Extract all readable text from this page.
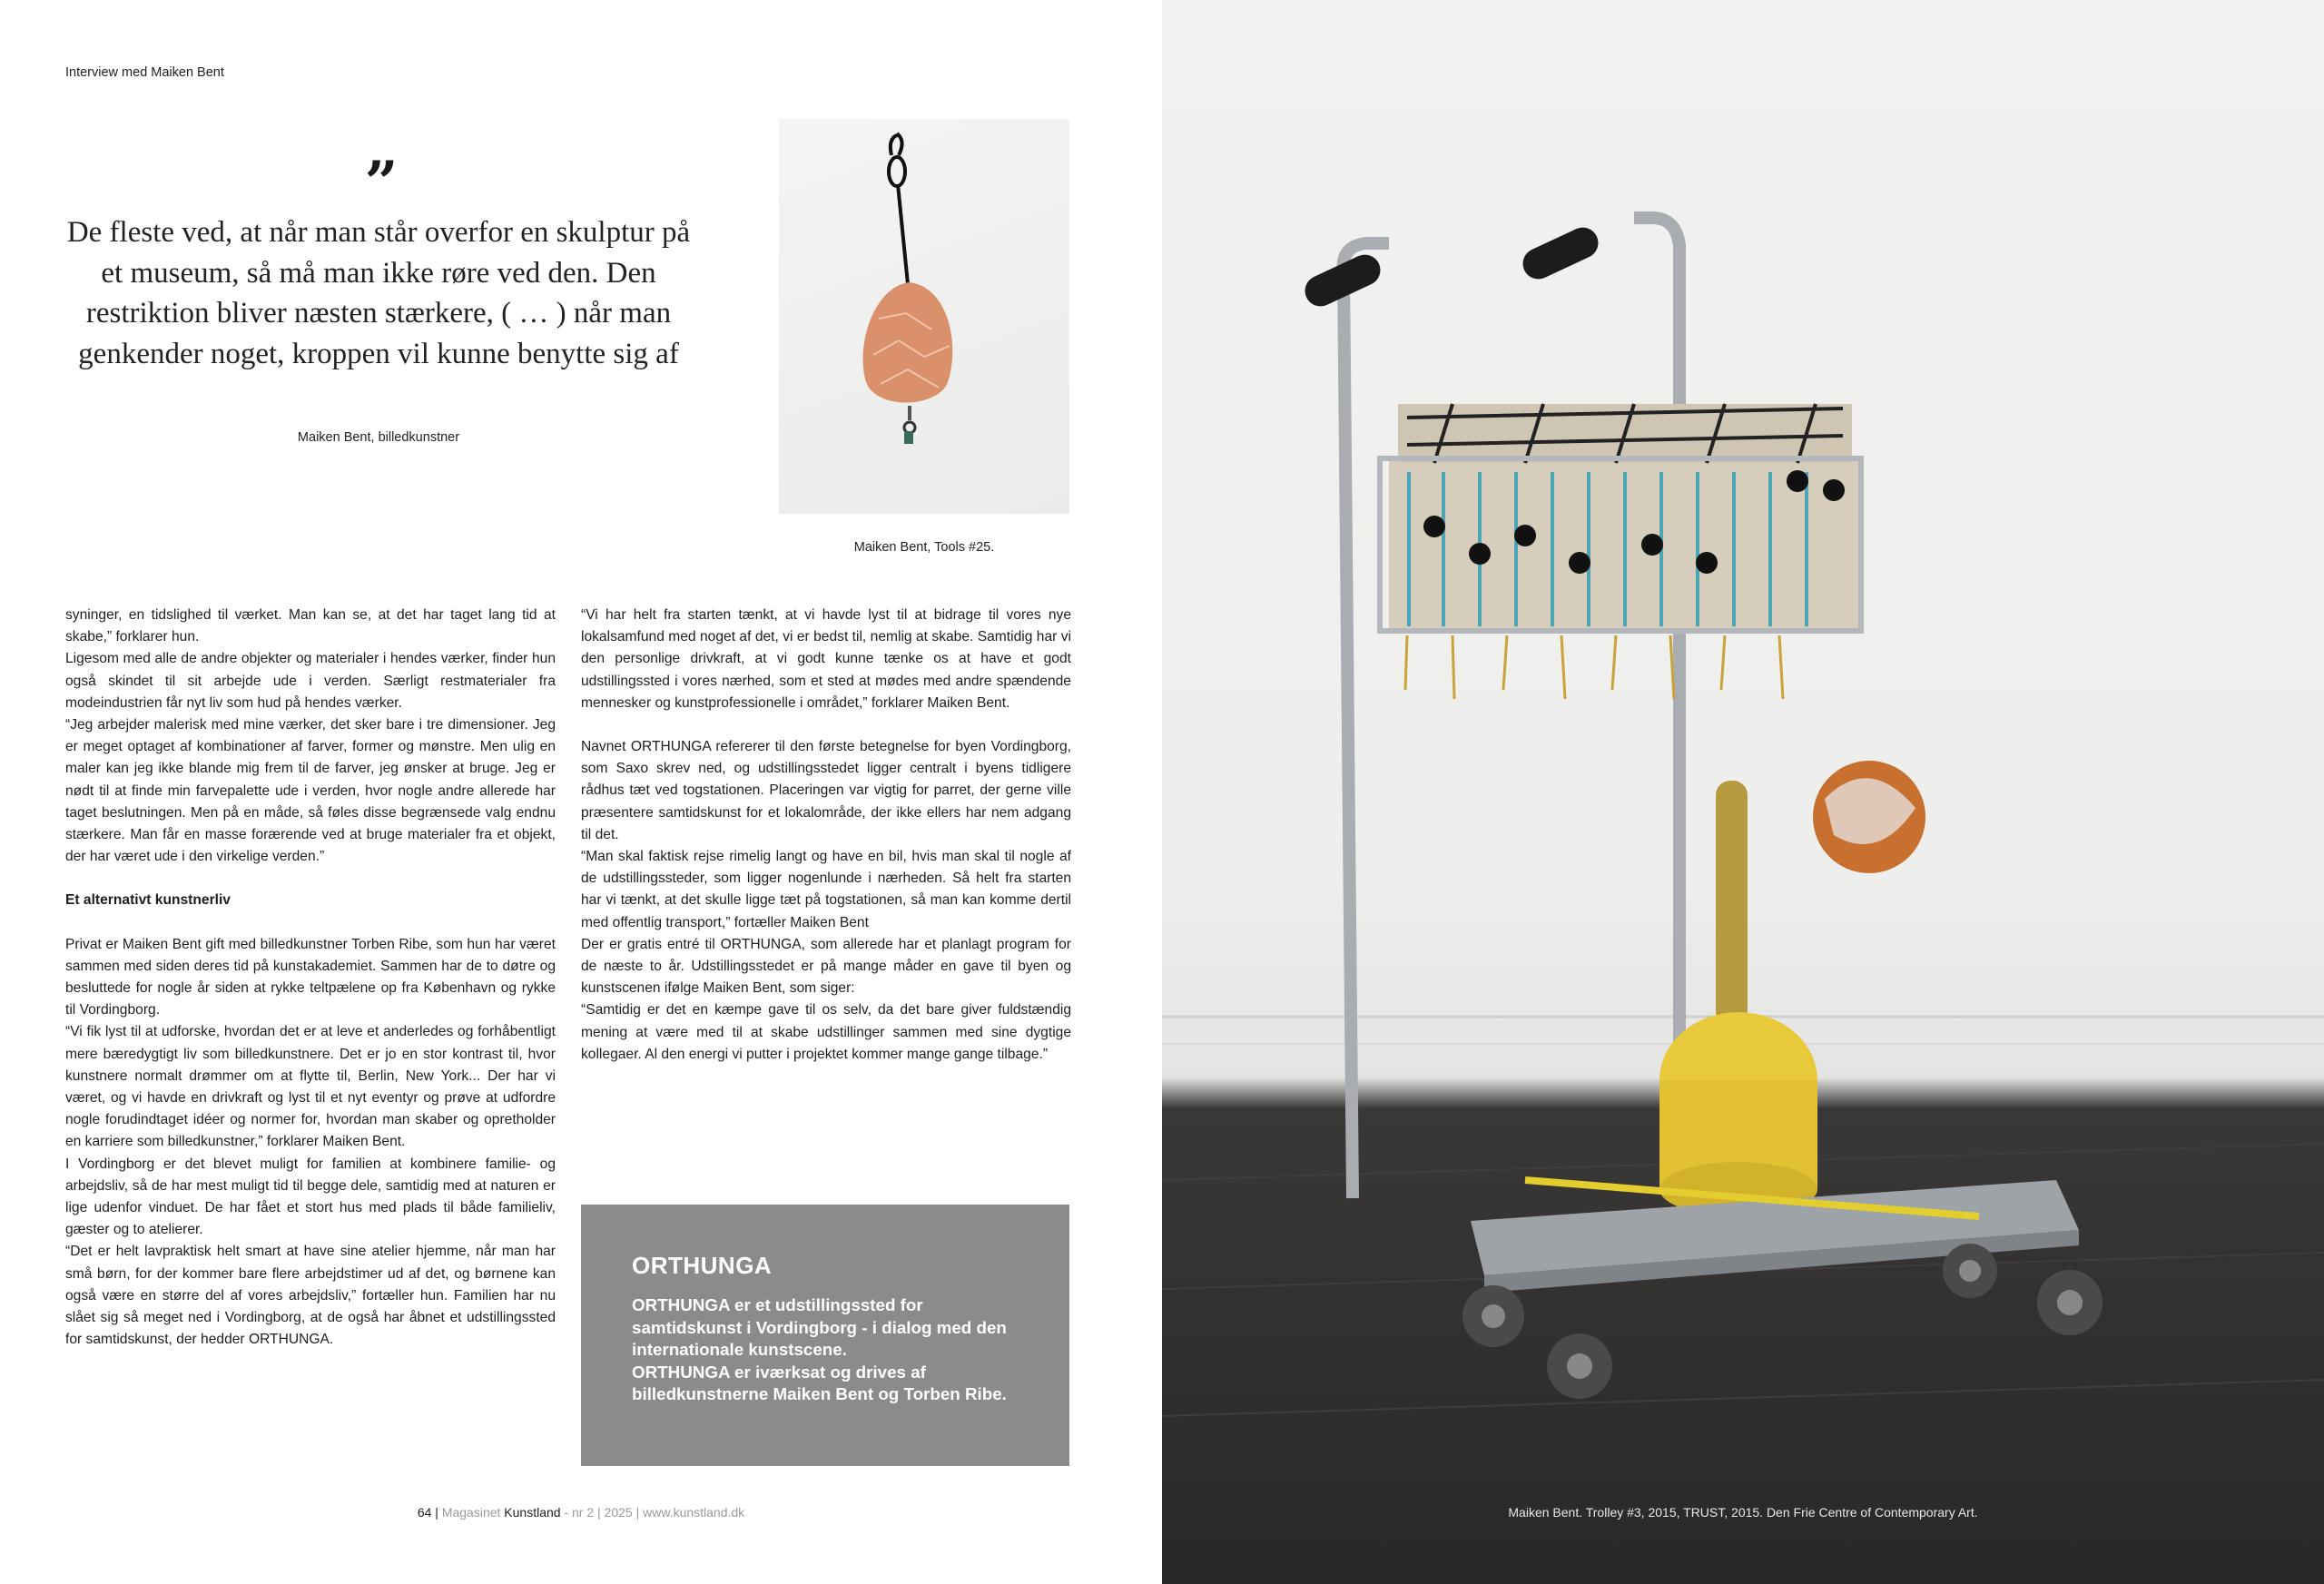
Interview med Maiken Bent
”
De fleste ved, at når man står overfor en skulptur på et museum, så må man ikke røre ved den. Den restriktion bliver næsten stærkere, ( … ) når man genkender noget, kroppen vil kunne benytte sig af
Maiken Bent, billedkunstner
Maiken Bent, Tools #25.

syninger, en tidslighed til værket. Man kan se, at det har taget lang tid at skabe,” forklarer hun.

Ligesom med alle de andre objekter og materialer i hendes værker, finder hun også skindet til sit arbejde ude i verden. Særligt restmaterialer fra modeindustrien får nyt liv som hud på hendes værker.

“Jeg arbejder malerisk med mine værker, det sker bare i tre dimensioner. Jeg er meget optaget af kombinationer af farver, former og mønstre. Men ulig en maler kan jeg ikke blande mig frem til de farver, jeg ønsker at bruge. Jeg er nødt til at finde min farvepalette ude i verden, hvor nogle andre allerede har taget beslutningen. Men på en måde, så føles disse begrænsede valg endnu stærkere. Man får en masse forærende ved at bruge materialer fra et objekt, der har været ude i den virkelige verden.”

Et alternativt kunstnerliv

Privat er Maiken Bent gift med billedkunstner Torben Ribe, som hun har været sammen med siden deres tid på kunstakademiet. Sammen har de to døtre og besluttede for nogle år siden at rykke teltpælene op fra København og rykke til Vordingborg.

“Vi fik lyst til at udforske, hvordan det er at leve et anderledes og forhåbentligt mere bæredygtigt liv som billedkunstnere. Det er jo en stor kontrast til, hvor kunstnere normalt drømmer om at flytte til, Berlin, New York... Der har vi været, og vi havde en drivkraft og lyst til et nyt eventyr og prøve at udfordre nogle forudindtaget idéer og normer for, hvordan man skaber og opretholder en karriere som billedkunstner,” forklarer Maiken Bent.

I Vordingborg er det blevet muligt for familien at kombinere familie- og arbejdsliv, så de har mest muligt tid til begge dele, samtidig med at naturen er lige udenfor vinduet. De har fået et stort hus med plads til både familieliv, gæster og to atelierer.

“Det er helt lavpraktisk helt smart at have sine atelier hjemme, når man har små børn, for der kommer bare flere arbejdstimer ud af det, og børnene kan også være en større del af vores arbejdsliv,” fortæller hun. Familien har nu slået sig så meget ned i Vordingborg, at de også har åbnet et udstillingssted for samtidskunst, der hedder ORTHUNGA.

“Vi har helt fra starten tænkt, at vi havde lyst til at bidrage til vores nye lokalsamfund med noget af det, vi er bedst til, nemlig at skabe. Samtidig har vi den personlige drivkraft, at vi godt kunne tænke os at have et godt udstillingssted i vores nærhed, som et sted at mødes med andre spændende mennesker og kunstprofessionelle i området,” forklarer Maiken Bent.

Navnet ORTHUNGA refererer til den første betegnelse for byen Vordingborg, som Saxo skrev ned, og udstillingsstedet ligger centralt i byens tidligere rådhus tæt ved togstationen. Placeringen var vigtig for parret, der gerne ville præsentere samtidskunst for et lokalområde, der ikke ellers har nem adgang til det.

“Man skal faktisk rejse rimelig langt og have en bil, hvis man skal til nogle af de udstillingssteder, som ligger nogenlunde i nærheden. Så helt fra starten har vi tænkt, at det skulle ligge tæt på togstationen, så man kan komme dertil med offentlig transport,” fortæller Maiken Bent

Der er gratis entré til ORTHUNGA, som allerede har et planlagt program for de næste to år. Udstillingsstedet er på mange måder en gave til byen og kunstscenen ifølge Maiken Bent, som siger:

“Samtidig er det en kæmpe gave til os selv, da det bare giver fuldstændig mening at være med til at skabe udstillinger sammen med sine dygtige kollegaer. Al den energi vi putter i projektet kommer mange gange tilbage.”

ORTHUNGA
ORTHUNGA er et udstillingssted for samtidskunst i Vordingborg - i dialog med den internationale kunstscene.
ORTHUNGA er iværksat og drives af billedkunstnerne Maiken Bent og Torben Ribe.
64 | Magasinet Kunstland - nr 2 | 2025 | www.kunstland.dk	Maiken Bent. Trolley #3, 2015, TRUST, 2015. Den Frie Centre of Contemporary Art.
